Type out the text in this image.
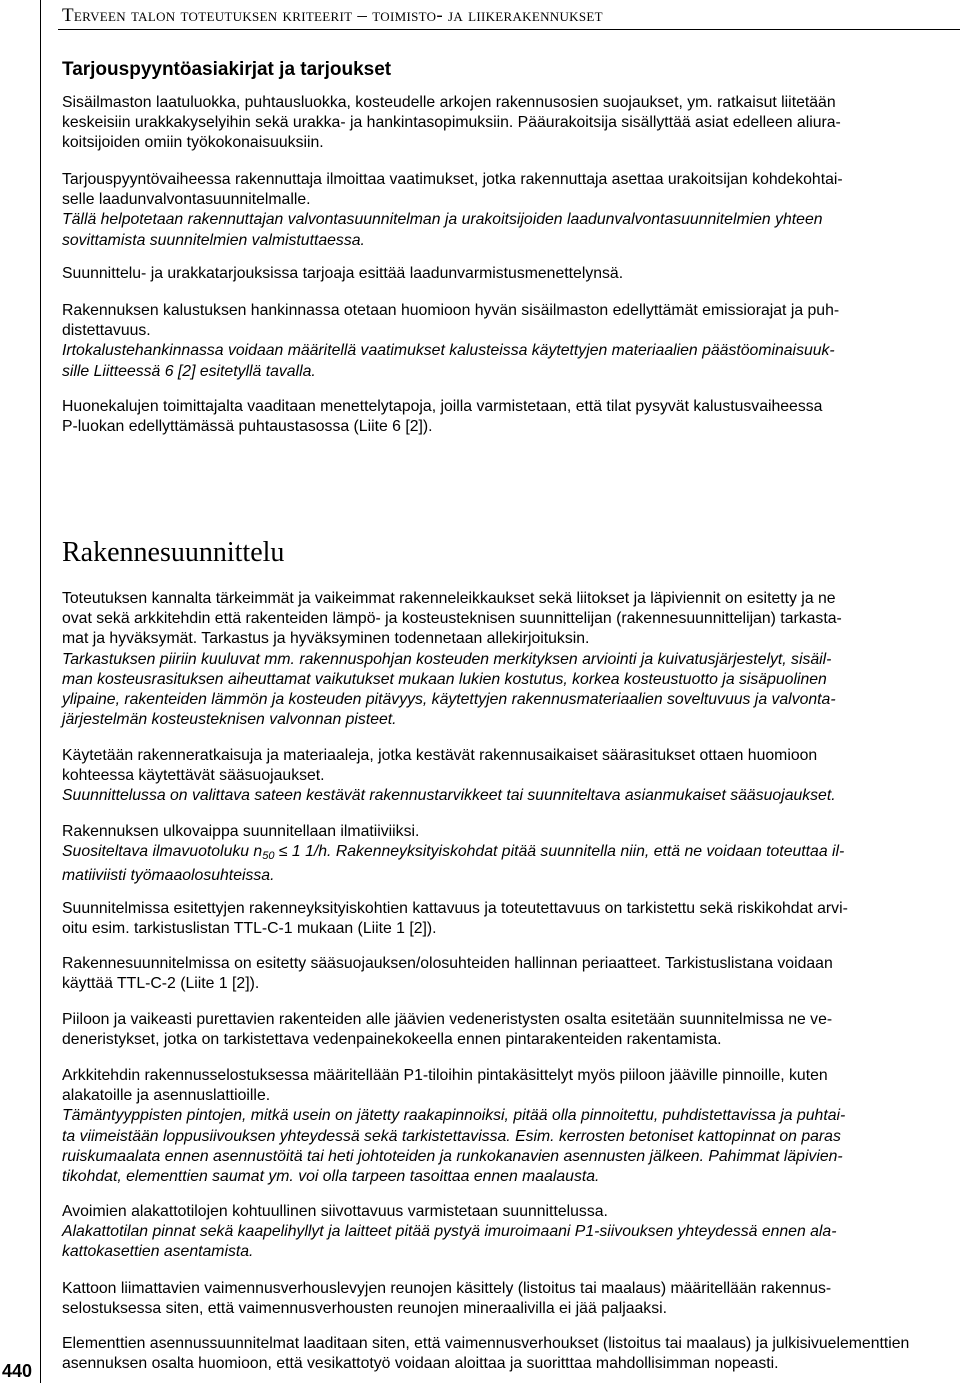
Terveen talon toteutuksen kriteerit – toimisto- ja liikerakennukset
Tarjouspyyntöasiakirjat ja tarjoukset
Sisäilmaston laatuluokka, puhtausluokka, kosteudelle arkojen rakennusosien suojaukset, ym. ratkaisut liitetään
keskeisiin urakkakyselyihin sekä urakka- ja hankintasopimuksiin. Pääurakoitsija sisällyttää asiat edelleen aliura-
koitsijoiden omiin työkokonaisuuksiin.
Tarjouspyyntövaiheessa rakennuttaja ilmoittaa vaatimukset, jotka rakennuttaja asettaa urakoitsijan kohdekohtai-
selle laadunvalvontasuunnitelmalle.
Tällä helpotetaan rakennuttajan valvontasuunnitelman ja urakoitsijoiden laadunvalvontasuunnitelmien yhteen
sovittamista suunnitelmien valmistuttaessa.
Suunnittelu- ja urakkatarjouksissa tarjoaja esittää laadunvarmistusmenettelynsä.
Rakennuksen kalustuksen hankinnassa otetaan huomioon hyvän sisäilmaston edellyttämät emissiorajat ja puh-
distettavuus.
Irtokalustehankinnassa voidaan määritellä vaatimukset kalusteissa käytettyjen materiaalien päästöominaisuuk-
sille Liitteessä 6 [2] esitetyllä tavalla.
Huonekalujen toimittajalta vaaditaan menettelytapoja, joilla varmistetaan, että tilat pysyvät kalustusvaiheessa
P-luokan edellyttämässä puhtaustasossa (Liite 6 [2]).
Rakennesuunnittelu
Toteutuksen kannalta tärkeimmät ja vaikeimmat rakenneleikkaukset sekä liitokset ja läpiviennit on esitetty ja ne
ovat sekä arkkitehdin että rakenteiden lämpö- ja kosteusteknisen suunnittelijan (rakennesuunnittelijan) tarkasta-
mat ja hyväksymät. Tarkastus ja hyväksyminen todennetaan allekirjoituksin.
Tarkastuksen piiriin kuuluvat mm. rakennuspohjan kosteuden merkityksen arviointi ja kuivatusjärjestelyt, sisäil-
man kosteusrasituksen aiheuttamat vaikutukset mukaan lukien kostutus, korkea kosteustuotto ja sisäpuolinen
ylipaine, rakenteiden lämmön ja kosteuden pitävyys, käytettyjen rakennusmateriaalien soveltuvuus ja valvonta-
järjestelmän kosteusteknisen valvonnan pisteet.
Käytetään rakenneratkaisuja ja materiaaleja, jotka kestävät rakennusaikaiset säärasitukset ottaen huomioon
kohteessa käytettävät sääsuojaukset.
Suunnittelussa on valittava sateen kestävät rakennustarvikkeet tai suunniteltava asianmukaiset sääsuojaukset.
Rakennuksen ulkovaippa suunnitellaan ilmatiiviiksi.
Suositeltava ilmavuotoluku $n_{50} \le 1$ 1/h. Rakenneyksityiskohdat pitää suunnitella niin, että ne voidaan toteuttaa il-
matiiviisti työmaaolosuhteissa.
Suunnitelmissa esitettyjen rakenneyksityiskohtien kattavuus ja toteutettavuus on tarkistettu sekä riskikohdat arvi-
oitu esim. tarkistuslistan TTL-C-1 mukaan (Liite 1 [2]).
Rakennesuunnitelmissa on esitetty sääsuojauksen/olosuhteiden hallinnan periaatteet. Tarkistuslistana voidaan
käyttää TTL-C-2 (Liite 1 [2]).
Piiloon ja vaikeasti purettavien rakenteiden alle jäävien vedeneristysten osalta esitetään suunnitelmissa ne ve-
deneristykset, jotka on tarkistettava vedenpainekokeella ennen pintarakenteiden rakentamista.
Arkkitehdin rakennusselostuksessa määritellään P1-tiloihin pintakäsittelyt myös piiloon jääville pinnoille, kuten
alakatoille ja asennuslattioille.
Tämäntyyppisten pintojen, mitkä usein on jätetty raakapinnoiksi, pitää olla pinnoitettu, puhdistettavissa ja puhtai-
ta viimeistään loppusiivouksen yhteydessä sekä tarkistettavissa. Esim. kerrosten betoniset kattopinnat on paras
ruiskumaalata ennen asennustöitä tai heti johtoteiden ja runkokanavien asennusten jälkeen. Pahimmat läpivien-
tikohdat, elementtien saumat ym. voi olla tarpeen tasoittaa ennen maalausta.
Avoimien alakattotilojen kohtuullinen siivottavuus varmistetaan suunnittelussa.
Alakattotilan pinnat sekä kaapelihyllyt ja laitteet pitää pystyä imuroimaani P1-siivouksen yhteydessä ennen ala-
kattokasettien asentamista.
Kattoon liimattavien vaimennusverhouslevyjen reunojen käsittely (listoitus tai maalaus) määritellään rakennus-
selostuksessa siten, että vaimennusverhousten reunojen mineraalivilla ei jää paljaaksi.
Elementtien asennussuunnitelmat laaditaan siten, että vaimennusverhoukset (listoitus tai maalaus) ja julkisivuelementtien
asennuksen osalta huomioon, että vesikattotyö voidaan aloittaa ja suoritttaa mahdollisimman nopeasti.
440
